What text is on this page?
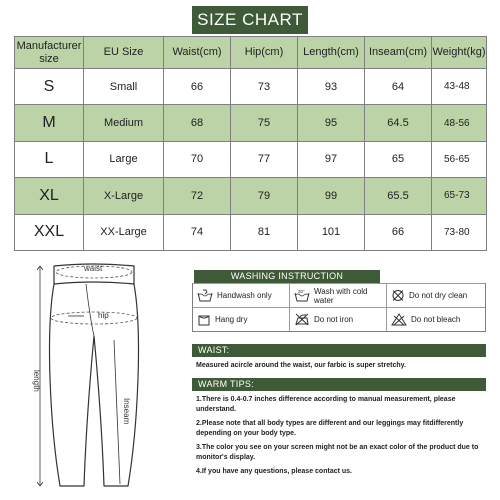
SIZE CHART
Manufacturer size	EU Size	Waist(cm)	Hip(cm)	Length(cm)	Inseam(cm)	Weight(kg)
S	Small	66	73	93	64	43-48
M	Medium	68	75	95	64.5	48-56
L	Large	70	77	97	65	56-65
XL	X-Large	72	79	99	65.5	65-73
XXL	XX-Large	74	81	101	66	73-80
waist
hip
length
Inseam
WASHING INSTRUCTION
Handwash only	30° Wash with cold water	Do not dry clean
Hang dry	Do not iron	Do not bleach
WAIST:
Measured acircle around the waist, our farbic is super stretchy.
WARM TIPS:
1.There is 0.4-0.7 inches difference according to manual measurement, please understand.
2.Please note that all body types are different and our leggings may fitdifferently depending on your body type.
3.The color you see on your screen might not be an exact color of the product due to monitor's display.
4.If you have any questions, please contact us.
